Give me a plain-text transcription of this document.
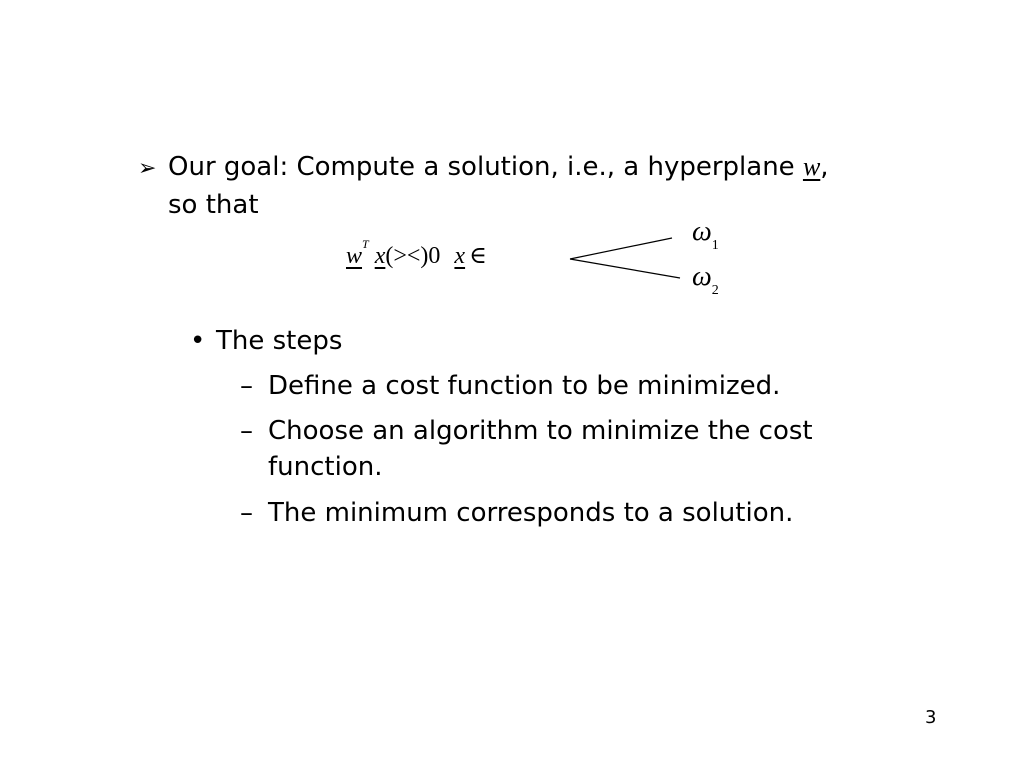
➢ Our goal: Compute a solution, i.e., a hyperplane w,
so that
$w^T$ x(><)0 x ∈
$\omega_1$
$\omega_2$
• The steps
– Define a cost function to be minimized.
– Choose an algorithm to minimize the cost
function.
– The minimum corresponds to a solution.
3
